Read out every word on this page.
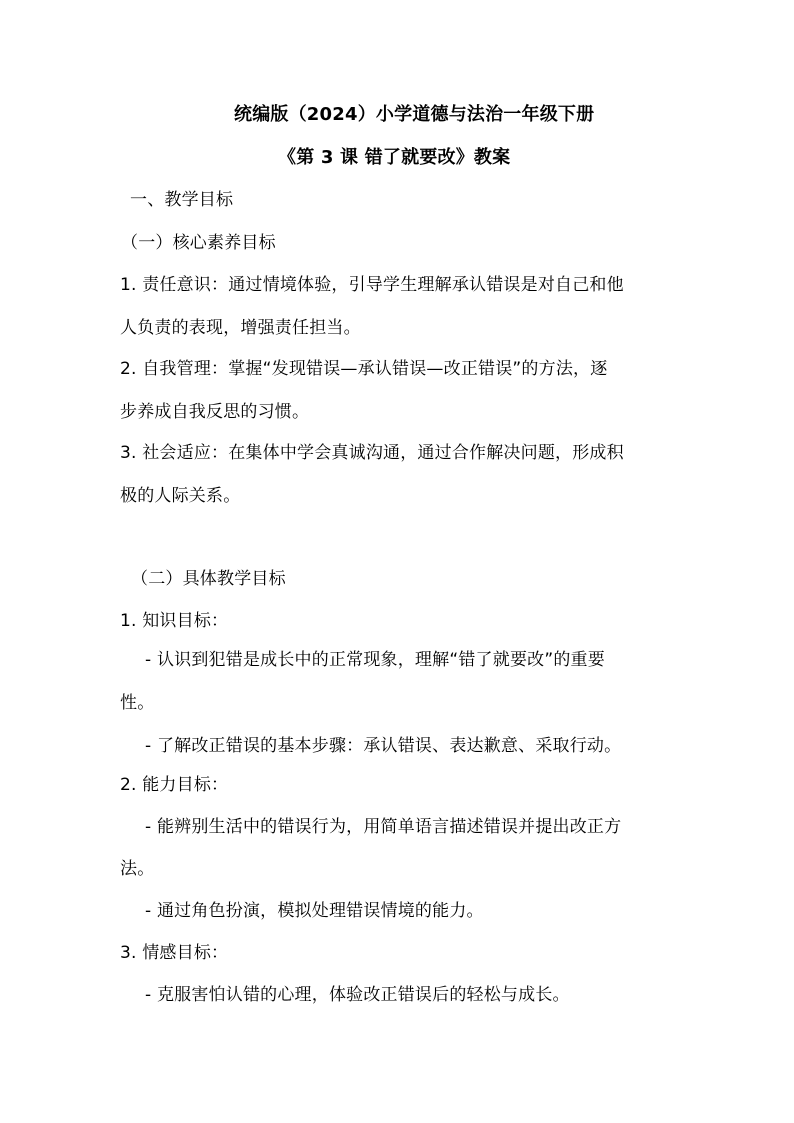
统编版（2024）小学道德与法治一年级下册
《第 3 课 错了就要改》教案
一、教学目标
（一）核心素养目标
1. 责任意识：通过情境体验，引导学生理解承认错误是对自己和他
人负责的表现，增强责任担当。
2. 自我管理：掌握“发现错误—承认错误—改正错误”的方法，逐
步养成自我反思的习惯。
3. 社会适应：在集体中学会真诚沟通，通过合作解决问题，形成积
极的人际关系。
（二）具体教学目标
1. 知识目标：
- 认识到犯错是成长中的正常现象，理解“错了就要改”的重要
性。
- 了解改正错误的基本步骤：承认错误、表达歉意、采取行动。
2. 能力目标：
- 能辨别生活中的错误行为，用简单语言描述错误并提出改正方
法。
- 通过角色扮演，模拟处理错误情境的能力。
3. 情感目标：
- 克服害怕认错的心理，体验改正错误后的轻松与成长。
